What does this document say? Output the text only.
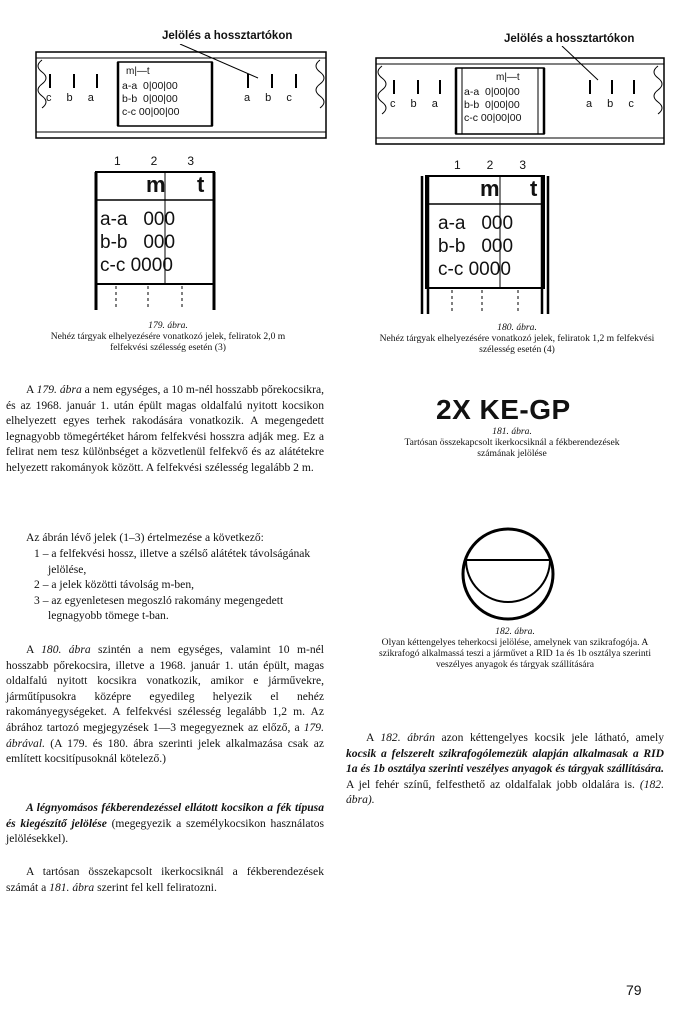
Jelölés a hossztartókon
m|—t
a-a 0|00|00
b-b 0|00|00
c-c 00|00|00
c b a	a b c
1 2 3
m t
a-a 000
b-b 000
c-c 0000
179. ábra.
Nehéz tárgyak elhelyezésére vonatkozó jelek, feliratok 2,0 m felfekvési szélesség esetén (3)
Jelölés a hossztartókon
m|—t
a-a 0|00|00
b-b 0|00|00
c-c 00|00|00
c b a	a b c
1 2 3
m t
a-a 000
b-b 000
c-c 0000
180. ábra.
Nehéz tárgyak elhelyezésére vonatkozó jelek, feliratok 1,2 m felfekvési szélesség esetén (4)
2X KE-GP
181. ábra.
Tartósan összekapcsolt ikerkocsiknál a fékberendezések számának jelölése
182. ábra.
Olyan kéttengelyes teherkocsi jelölése, amelynek van szikrafogója. A szikrafogó alkalmassá teszi a járművet a RID 1a és 1b osztálya szerinti veszélyes anyagok és tárgyak szállítására

A 179. ábra a nem egységes, a 10 m-nél hosszabb pőrekocsikra, és az 1968. január 1. után épült magas oldalfalú nyitott kocsikon elhelyezett egyes terhek rakodására vonatkozik. A megengedett legnagyobb tömegértéket három felfekvési hosszra adják meg. Ez a felirat nem tesz különbséget a közvetlenül felfekvő és az alátétekre helyezett rakományok között. A felfekvési szélesség legalább 2 m.

Az ábrán lévő jelek (1–3) értelmezése a következő:

1 – a felfekvési hossz, illetve a szélső alátétek távolságának jelölése,
2 – a jelek közötti távolság m-ben,
3 – az egyenletesen megoszló rakomány megengedett legnagyobb tömege t-ban.

A 180. ábra szintén a nem egységes, valamint 10 m-nél hosszabb pőrekocsira, illetve a 1968. január 1. után épült, magas oldalfalú nyitott kocsikra vonatkozik, amikor e járművekre, járműtípusokra középre egyedileg helyezik el nehéz rakományegységeket. A felfekvési szélesség legalább 1,2 m. Az ábrához tartozó megjegyzések 1—3 megegyeznek az előző, a 179. ábrával. (A 179. és 180. ábra szerinti jelek alkalmazása csak az említett kocsitípusoknál kötelező.)

A légnyomásos fékberendezéssel ellátott kocsikon a fék típusa és kiegészítő jelölése (megegyezik a személykocsikon használatos jelölésekkel).

A tartósan összekapcsolt ikerkocsiknál a fékberendezések számát a 181. ábra szerint fel kell feliratozni.

A 182. ábrán azon kéttengelyes kocsik jele látható, amely kocsik a felszerelt szikrafogólemezük alapján alkalmasak a RID 1a és 1b osztálya szerinti veszélyes anyagok és tárgyak szállítására. A jel fehér színű, felfesthető az oldalfalak jobb oldalára is. (182. ábra).

79
